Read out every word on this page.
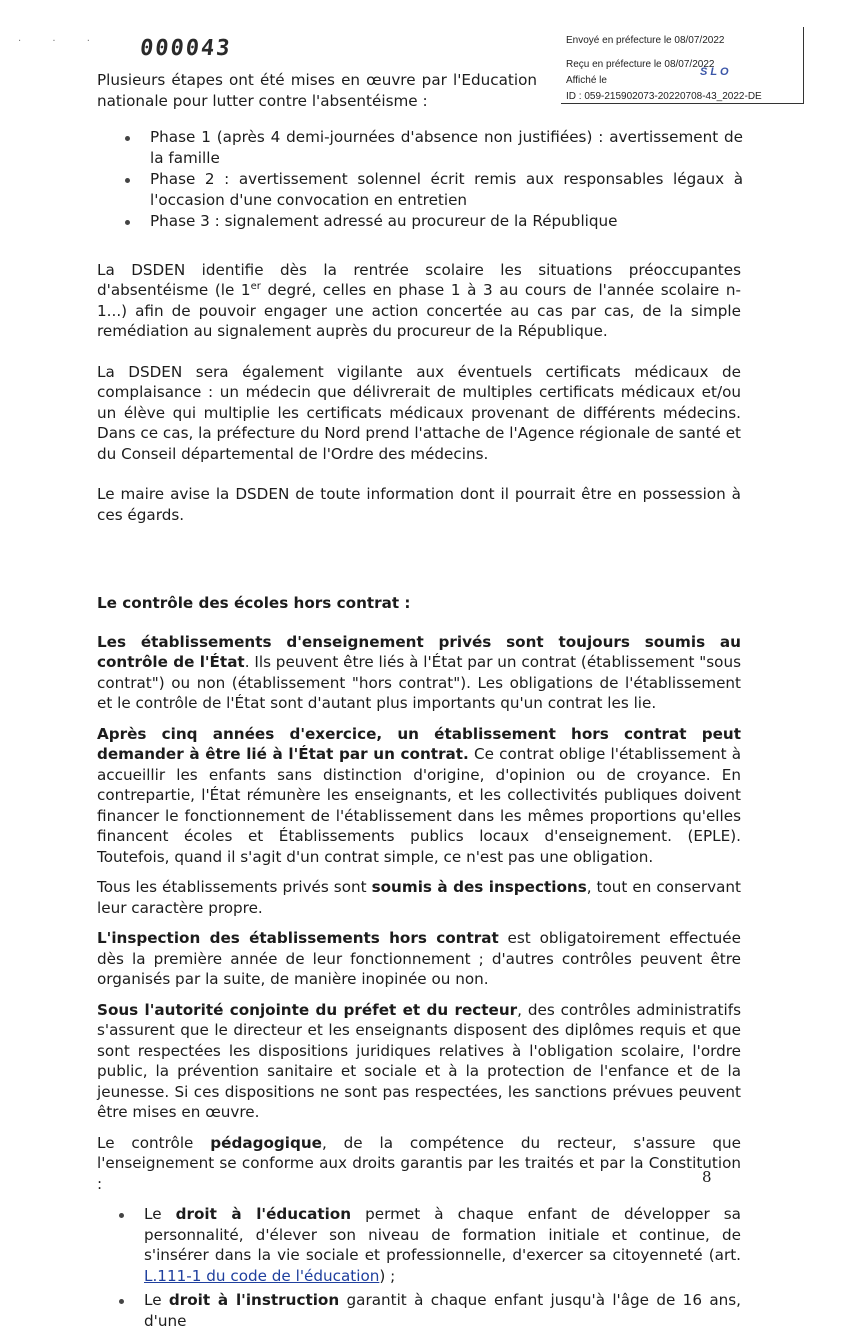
· · · 000043	Envoyé en préfecture le 08/07/2022
Reçu en préfecture le 08/07/2022
Affiché le
ID : 059-215902073-20220708-43_2022-DE
SLO

Plusieurs étapes ont été mises en œuvre par l'Education nationale pour lutter contre l'absentéisme :

Phase 1 (après 4 demi-journées d'absence non justifiées) : avertissement de la famille
Phase 2 : avertissement solennel écrit remis aux responsables légaux à l'occasion d'une convocation en entretien
Phase 3 : signalement adressé au procureur de la République

La DSDEN identifie dès la rentrée scolaire les situations préoccupantes d'absentéisme (le 1er degré, celles en phase 1 à 3 au cours de l'année scolaire n-1...) afin de pouvoir engager une action concertée au cas par cas, de la simple remédiation au signalement auprès du procureur de la République.

La DSDEN sera également vigilante aux éventuels certificats médicaux de complaisance : un médecin que délivrerait de multiples certificats médicaux et/ou un élève qui multiplie les certificats médicaux provenant de différents médecins. Dans ce cas, la préfecture du Nord prend l'attache de l'Agence régionale de santé et du Conseil départemental de l'Ordre des médecins.

Le maire avise la DSDEN de toute information dont il pourrait être en possession à ces égards.

Le contrôle des écoles hors contrat :

Les établissements d'enseignement privés sont toujours soumis au contrôle de l'État. Ils peuvent être liés à l'État par un contrat (établissement "sous contrat") ou non (établissement "hors contrat"). Les obligations de l'établissement et le contrôle de l'État sont d'autant plus importants qu'un contrat les lie.

Après cinq années d'exercice, un établissement hors contrat peut demander à être lié à l'État par un contrat. Ce contrat oblige l'établissement à accueillir les enfants sans distinction d'origine, d'opinion ou de croyance. En contrepartie, l'État rémunère les enseignants, et les collectivités publiques doivent financer le fonctionnement de l'établissement dans les mêmes proportions qu'elles financent écoles et Établissements publics locaux d'enseignement. (EPLE). Toutefois, quand il s'agit d'un contrat simple, ce n'est pas une obligation.

Tous les établissements privés sont soumis à des inspections, tout en conservant leur caractère propre.

L'inspection des établissements hors contrat est obligatoirement effectuée dès la première année de leur fonctionnement ; d'autres contrôles peuvent être organisés par la suite, de manière inopinée ou non.

Sous l'autorité conjointe du préfet et du recteur, des contrôles administratifs s'assurent que le directeur et les enseignants disposent des diplômes requis et que sont respectées les dispositions juridiques relatives à l'obligation scolaire, l'ordre public, la prévention sanitaire et sociale et à la protection de l'enfance et de la jeunesse. Si ces dispositions ne sont pas respectées, les sanctions prévues peuvent être mises en œuvre.

Le contrôle pédagogique, de la compétence du recteur, s'assure que l'enseignement se conforme aux droits garantis par les traités et par la Constitution :

Le droit à l'éducation permet à chaque enfant de développer sa personnalité, d'élever son niveau de formation initiale et continue, de s'insérer dans la vie sociale et professionnelle, d'exercer sa citoyenneté (art. L.111-1 du code de l'éducation) ;
Le droit à l'instruction garantit à chaque enfant jusqu'à l'âge de 16 ans, d'une
8
